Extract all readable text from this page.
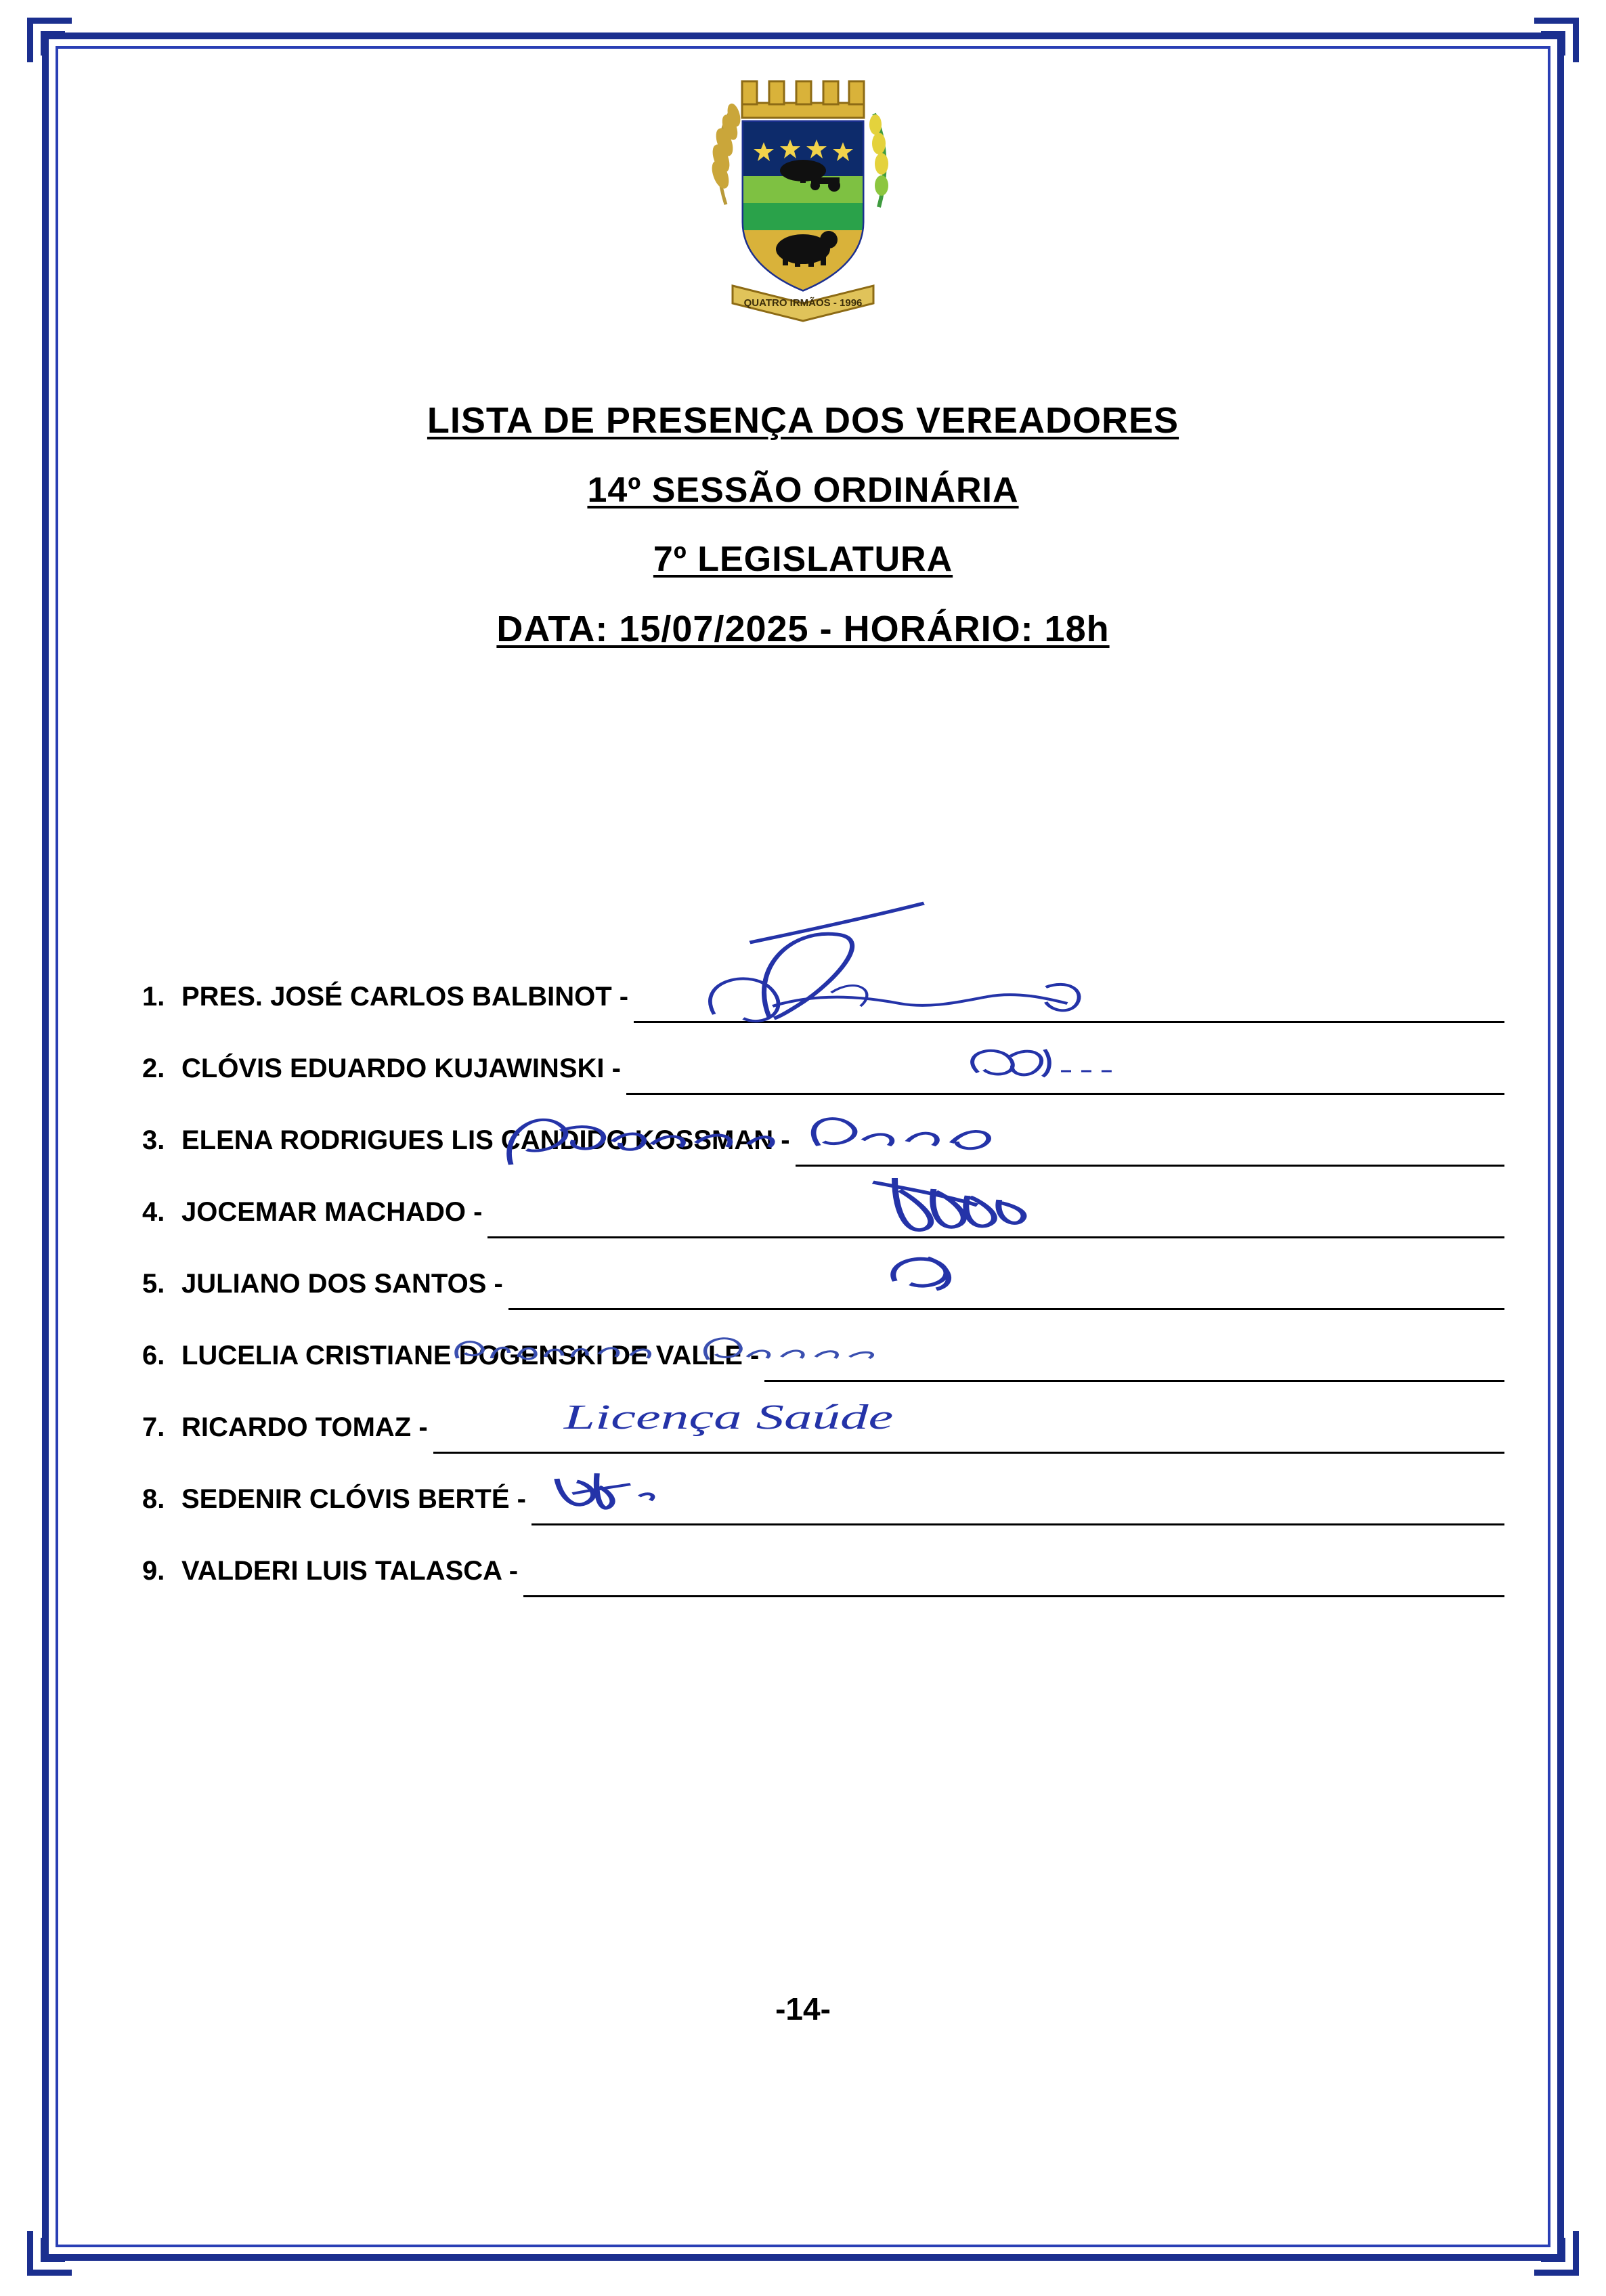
QUATRO IRMÃOS - 1996
LISTA DE PRESENÇA DOS VEREADORES
14º SESSÃO ORDINÁRIA
7º LEGISLATURA
DATA: 15/07/2025 - HORÁRIO: 18h
1. PRES. JOSÉ CARLOS BALBINOT -
2. CLÓVIS EDUARDO KUJAWINSKI -
3. ELENA RODRIGUES LIS CANDIDO KOSSMAN -
4. JOCEMAR MACHADO -
5. JULIANO DOS SANTOS -
6. LUCELIA CRISTIANE DOGENSKI DE VALLE -
7. RICARDO TOMAZ -
8. SEDENIR CLÓVIS BERTÉ -
Licença Saúde
9. VALDERI LUIS TALASCA -
-14-
